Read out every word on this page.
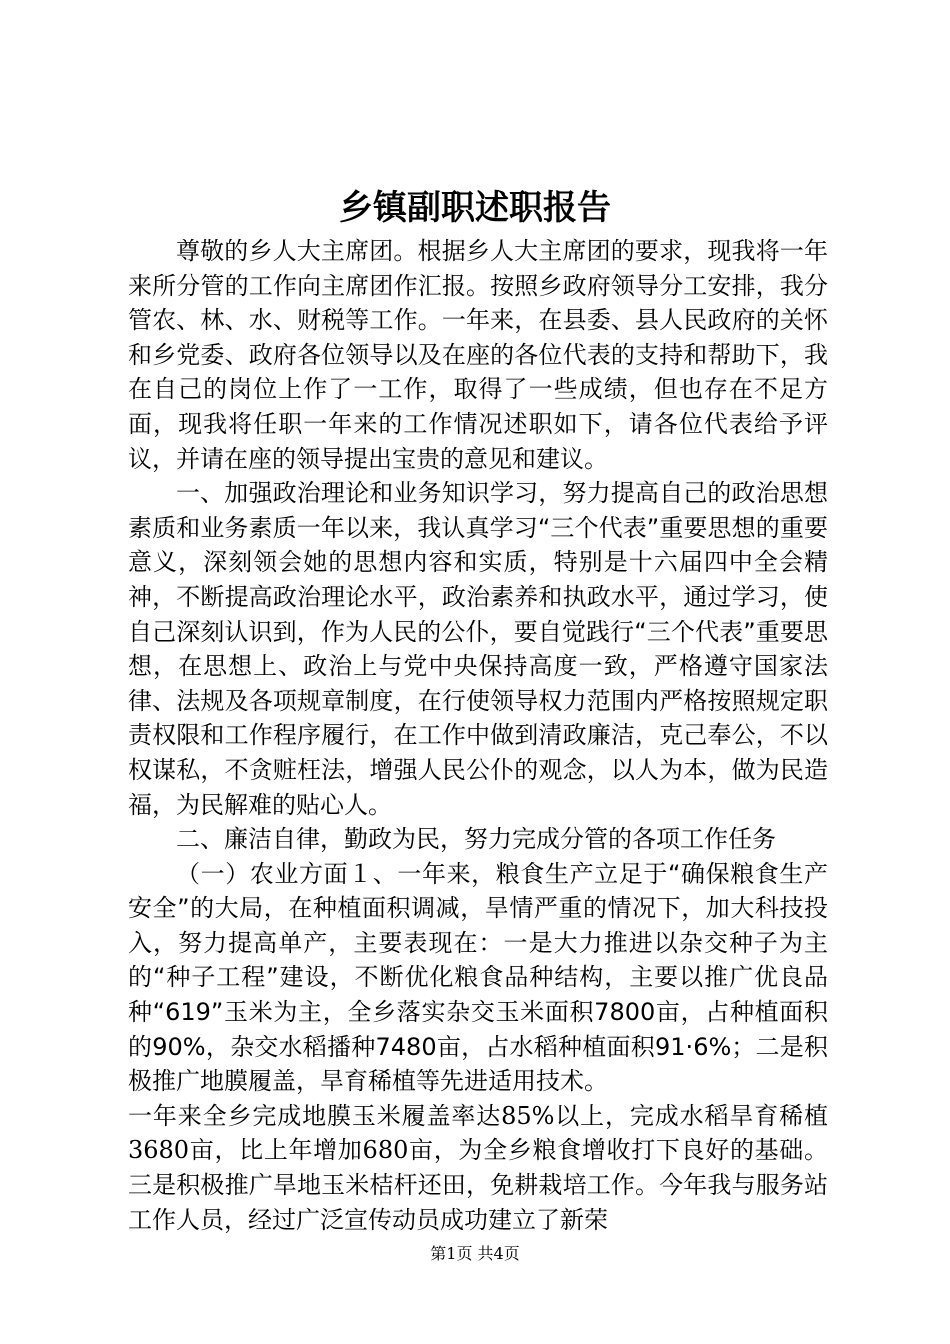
乡镇副职述职报告

尊敬的乡人大主席团。根据乡人大主席团的要求，现我将一年来所分管的工作向主席团作汇报。按照乡政府领导分工安排，我分管农、林、水、财税等工作。一年来，在县委、县人民政府的关怀和乡党委、政府各位领导以及在座的各位代表的支持和帮助下，我在自己的岗位上作了一工作，取得了一些成绩，但也存在不足方面，现我将任职一年来的工作情况述职如下，请各位代表给予评议，并请在座的领导提出宝贵的意见和建议。

一、加强政治理论和业务知识学习，努力提高自己的政治思想素质和业务素质一年以来，我认真学习“三个代表”重要思想的重要意义，深刻领会她的思想内容和实质，特别是十六届四中全会精神，不断提高政治理论水平，政治素养和执政水平，通过学习，使自己深刻认识到，作为人民的公仆，要自觉践行“三个代表”重要思想，在思想上、政治上与党中央保持高度一致，严格遵守国家法律、法规及各项规章制度，在行使领导权力范围内严格按照规定职责权限和工作程序履行，在工作中做到清政廉洁，克己奉公，不以权谋私，不贪赃枉法，增强人民公仆的观念，以人为本，做为民造福，为民解难的贴心人。

二、廉洁自律，勤政为民，努力完成分管的各项工作任务

（一）农业方面１、一年来，粮食生产立足于“确保粮食生产安全”的大局，在种植面积调减，旱情严重的情况下，加大科技投入，努力提高单产，主要表现在：一是大力推进以杂交种子为主的“种子工程”建设，不断优化粮食品种结构，主要以推广优良品种“619”玉米为主，全乡落实杂交玉米面积7800亩，占种植面积的90%，杂交水稻播种7480亩，占水稻种植面积91·6%；二是积极推广地膜履盖，旱育稀植等先进适用技术。

一年来全乡完成地膜玉米履盖率达85%以上，完成水稻旱育稀植3680亩，比上年增加680亩，为全乡粮食增收打下良好的基础。三是积极推广旱地玉米桔杆还田，免耕栽培工作。今年我与服务站工作人员，经过广泛宣传动员成功建立了新荣

第1页 共4页
